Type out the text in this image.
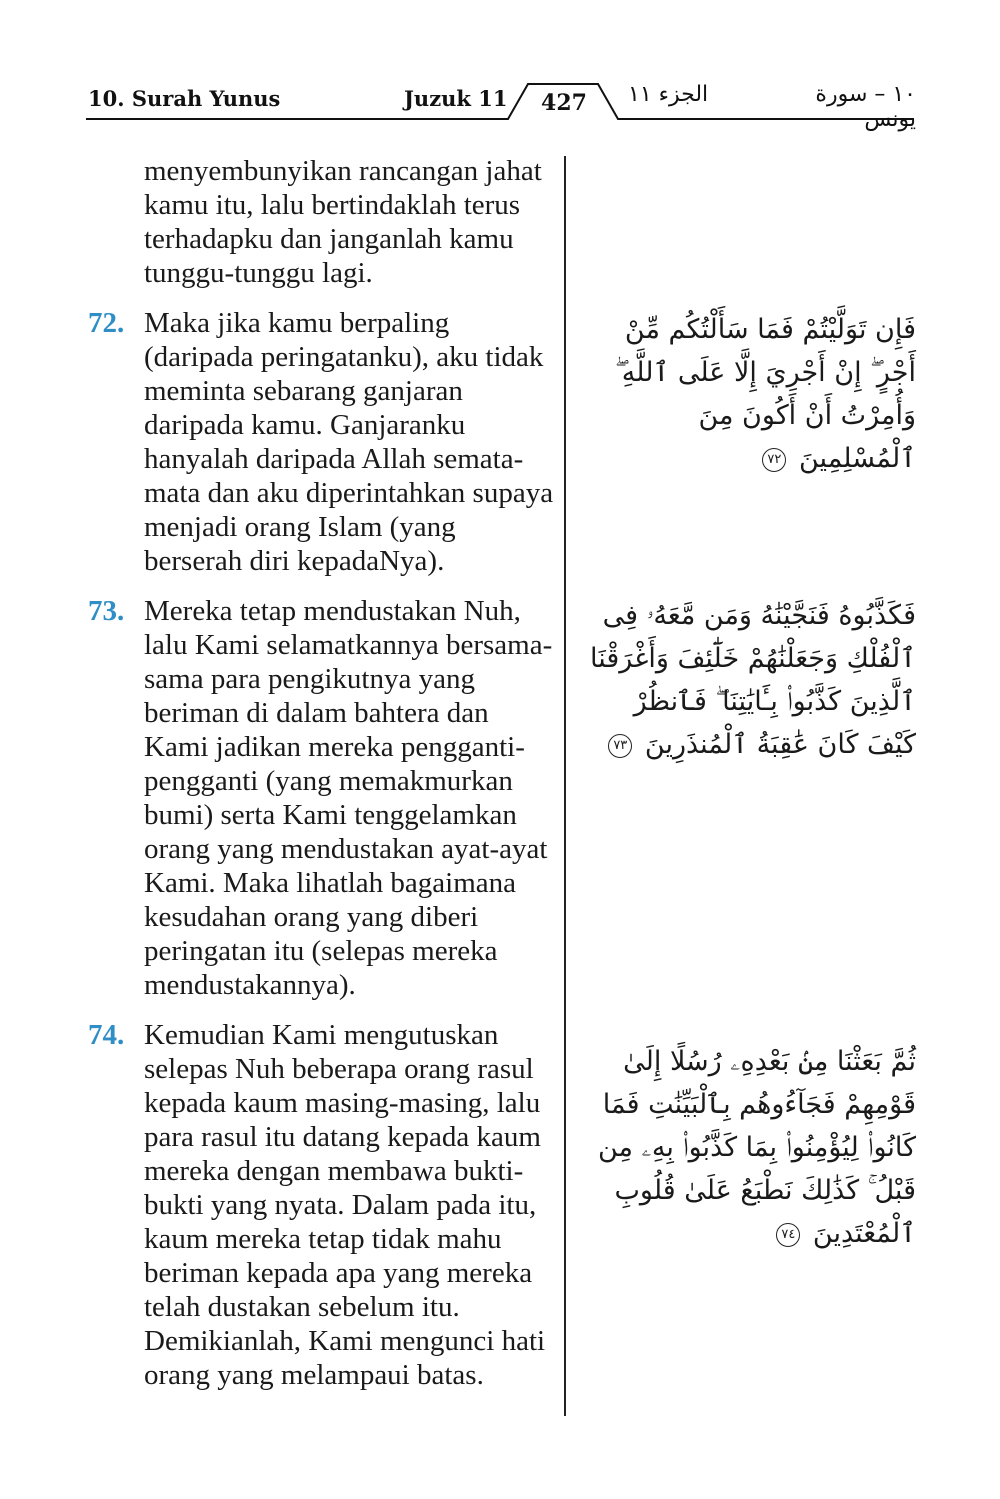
10. Surah Yunus	Juzuk 11	427	الجزء ١١	١٠ – سورة يونس
menyembunyikan rancangan jahat kamu itu, lalu bertindaklah terus terhadapku dan janganlah kamu tunggu-tunggu lagi.
72. Maka jika kamu berpaling (daripada peringatanku), aku tidak meminta sebarang ganjaran daripada kamu. Ganjaranku hanyalah daripada Allah semata-mata dan aku diperintahkan supaya menjadi orang Islam (yang berserah diri kepadaNya).
73. Mereka tetap mendustakan Nuh, lalu Kami selamatkannya bersama-sama para pengikutnya yang beriman di dalam bahtera dan Kami jadikan mereka pengganti-pengganti (yang memakmurkan bumi) serta Kami tenggelamkan orang yang mendustakan ayat-ayat Kami. Maka lihatlah bagaimana kesudahan orang yang diberi peringatan itu (selepas mereka mendustakannya).
74. Kemudian Kami mengutuskan selepas Nuh beberapa orang rasul kepada kaum masing-masing, lalu para rasul itu datang kepada kaum mereka dengan membawa bukti-bukti yang nyata. Dalam pada itu, kaum mereka tetap tidak mahu beriman kepada apa yang mereka telah dustakan sebelum itu. Demikianlah, Kami mengunci hati orang yang melampaui batas.
فَإِن تَوَلَّيْتُمْ فَمَا سَأَلْتُكُم مِّنْ أَجْرٍ ۖ إِنْ أَجْرِيَ إِلَّا عَلَى ٱللَّهِ ۖ وَأُمِرْتُ أَنْ أَكُونَ مِنَ ٱلْمُسْلِمِينَ ٧٢
فَكَذَّبُوهُ فَنَجَّيْنَٰهُ وَمَن مَّعَهُۥ فِى ٱلْفُلْكِ وَجَعَلْنَٰهُمْ خَلَٰٓئِفَ وَأَغْرَقْنَا ٱلَّذِينَ كَذَّبُوا۟ بِـَٔايَٰتِنَا ۖ فَٱنظُرْ كَيْفَ كَانَ عَٰقِبَةُ ٱلْمُنذَرِينَ ٧٣
ثُمَّ بَعَثْنَا مِنۢ بَعْدِهِۦ رُسُلًا إِلَىٰ قَوْمِهِمْ فَجَآءُوهُم بِٱلْبَيِّنَٰتِ فَمَا كَانُوا۟ لِيُؤْمِنُوا۟ بِمَا كَذَّبُوا۟ بِهِۦ مِن قَبْلُ ۚ كَذَٰلِكَ نَطْبَعُ عَلَىٰ قُلُوبِ ٱلْمُعْتَدِينَ ٧٤
